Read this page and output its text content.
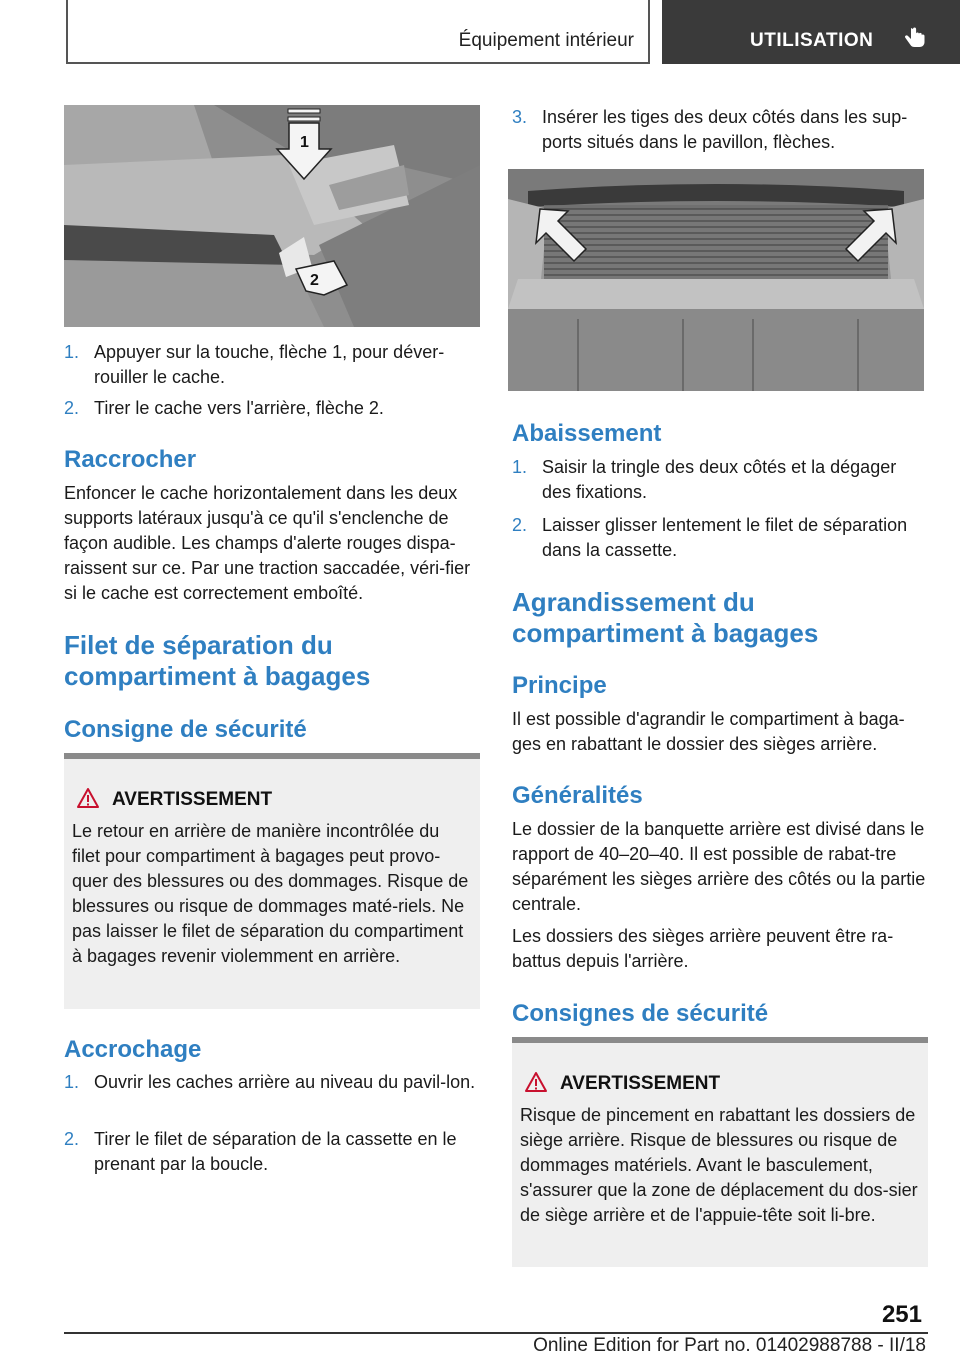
Équipement intérieur	UTILISATION
1
2
1. Appuyer sur la touche, flèche 1, pour déver-rouiller le cache.
2. Tirer le cache vers l'arrière, flèche 2.
Raccrocher

Enfoncer le cache horizontalement dans les deux supports latéraux jusqu'à ce qu'il s'enclenche de façon audible. Les champs d'alerte rouges dispa-raissent sur ce. Par une traction saccadée, véri-fier si le cache est correctement emboîté.

Filet de séparation du compartiment à bagages
Consigne de sécurité
AVERTISSEMENT
Le retour en arrière de manière incontrôlée du filet pour compartiment à bagages peut provo-quer des blessures ou des dommages. Risque de blessures ou risque de dommages maté-riels. Ne pas laisser le filet de séparation du compartiment à bagages revenir violemment en arrière.
Accrochage
1. Ouvrir les caches arrière au niveau du pavil-lon.
2. Tirer le filet de séparation de la cassette en le prenant par la boucle.
3. Insérer les tiges des deux côtés dans les sup-ports situés dans le pavillon, flèches.
Abaissement
1. Saisir la tringle des deux côtés et la dégager des fixations.
2. Laisser glisser lentement le filet de séparation dans la cassette.
Agrandissement du compartiment à bagages
Principe

Il est possible d'agrandir le compartiment à baga-ges en rabattant le dossier des sièges arrière.

Généralités

Le dossier de la banquette arrière est divisé dans le rapport de 40–20–40. Il est possible de rabat-tre séparément les sièges arrière des côtés ou la partie centrale.

Les dossiers des sièges arrière peuvent être ra-battus depuis l'arrière.

Consignes de sécurité
AVERTISSEMENT
Risque de pincement en rabattant les dossiers de siège arrière. Risque de blessures ou risque de dommages matériels. Avant le basculement, s'assurer que la zone de déplacement du dos-sier de siège arrière et de l'appuie-tête soit li-bre.
251
Online Edition for Part no. 01402988788 - II/18
